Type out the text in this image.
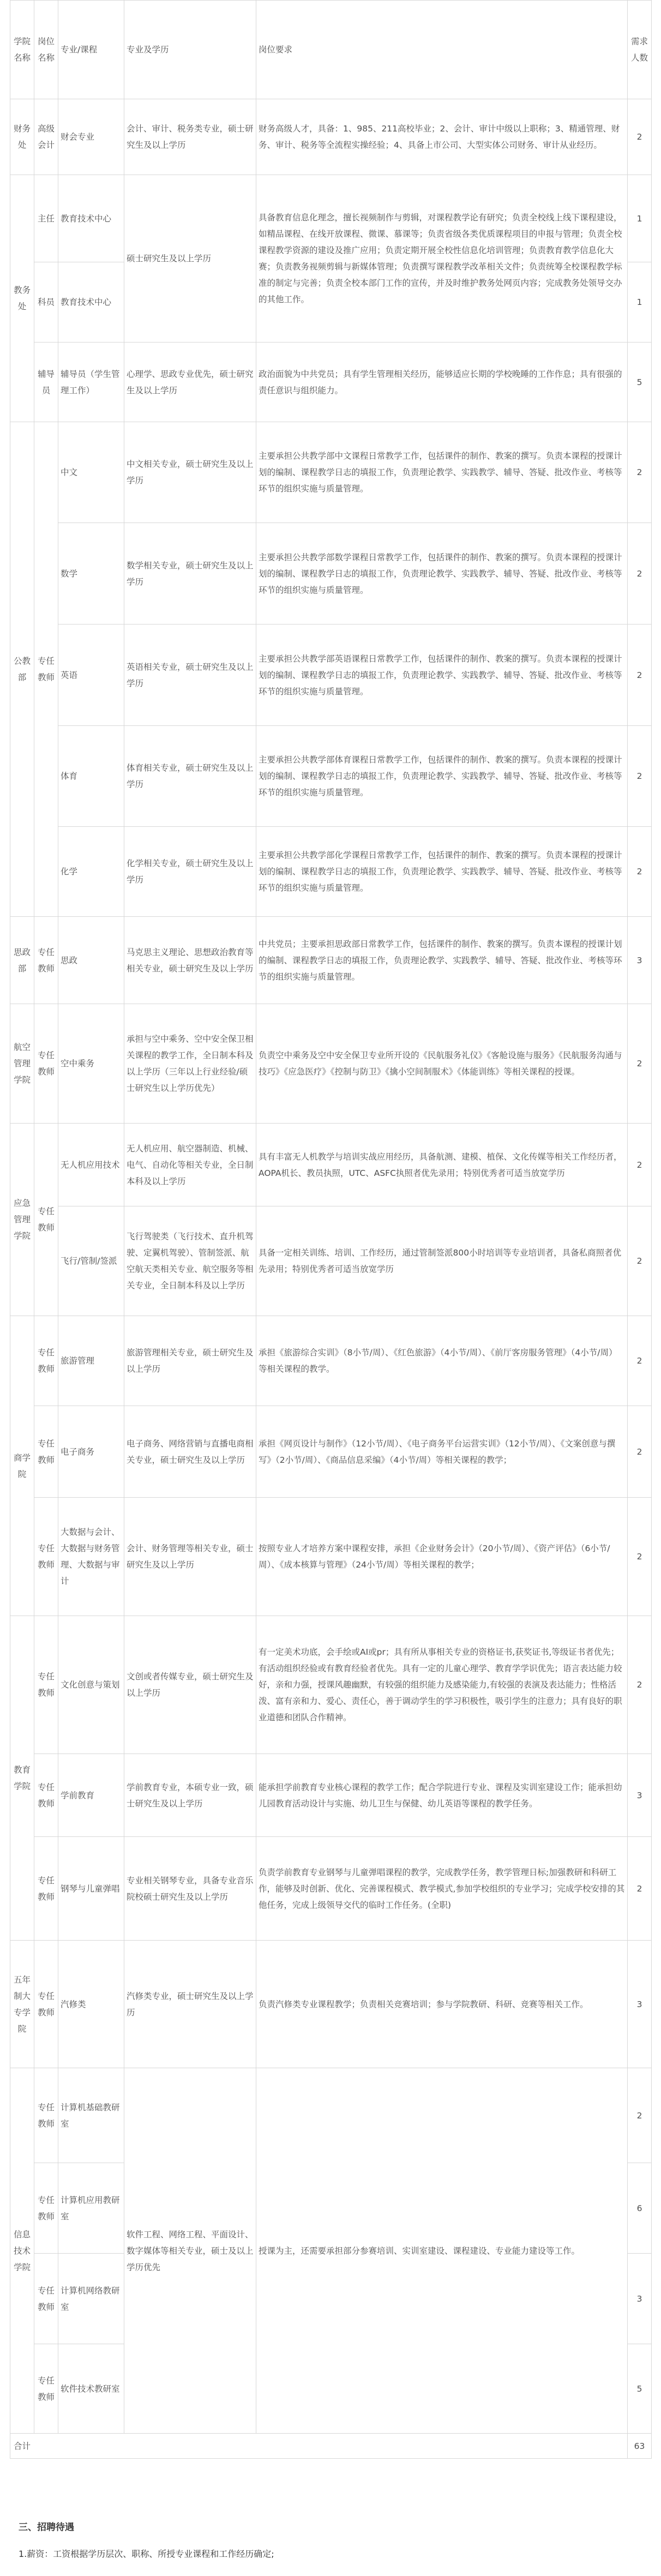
学院名称	岗位名称	专业/课程	专业及学历	岗位要求	需求人数
财务处	高级会计	财会专业	会计、审计、税务类专业，硕士研究生及以上学历	财务高级人才，具备：1、985、211高校毕业；2、会计、审计中级以上职称；3、精通管理、财务、审计、税务等全流程实操经验；4、具备上市公司、大型实体公司财务、审计从业经历。	2
教务处	主任	教育技术中心	硕士研究生及以上学历	具备教育信息化理念，擅长视频制作与剪辑，对课程教学论有研究；负责全校线上线下课程建设，如精品课程、在线开放课程、微课、慕课等；负责省级各类优质课程项目的申报与管理；负责全校课程教学资源的建设及推广应用；负责定期开展全校性信息化培训管理；负责教育教学信息化大赛；负责教务视频剪辑与新媒体管理；负责撰写课程教学改革相关文件；负责统筹全校课程教学标准的制定与完善；负责全校本部门工作的宣传，并及时维护教务处网页内容；完成教务处领导交办的其他工作。	1
	科员	教育技术中心			1
	辅导员	辅导员（学生管理工作）	心理学、思政专业优先，硕士研究生及以上学历	政治面貌为中共党员；具有学生管理相关经历，能够适应长期的学校晚睡的工作作息；具有很强的责任意识与组织能力。	5
公教部	专任教师	中文	中文相关专业，硕士研究生及以上学历	主要承担公共教学部中文课程日常教学工作，包括课件的制作、教案的撰写。负责本课程的授课计划的编制、课程教学日志的填报工作，负责理论教学、实践教学、辅导、答疑、批改作业、考核等环节的组织实施与质量管理。	2
		数学	数学相关专业，硕士研究生及以上学历	主要承担公共教学部数学课程日常教学工作，包括课件的制作、教案的撰写。负责本课程的授课计划的编制、课程教学日志的填报工作，负责理论教学、实践教学、辅导、答疑、批改作业、考核等环节的组织实施与质量管理。	2
		英语	英语相关专业，硕士研究生及以上学历	主要承担公共教学部英语课程日常教学工作，包括课件的制作、教案的撰写。负责本课程的授课计划的编制、课程教学日志的填报工作，负责理论教学、实践教学、辅导、答疑、批改作业、考核等环节的组织实施与质量管理。	2
		体育	体育相关专业，硕士研究生及以上学历	主要承担公共教学部体育课程日常教学工作，包括课件的制作、教案的撰写。负责本课程的授课计划的编制、课程教学日志的填报工作，负责理论教学、实践教学、辅导、答疑、批改作业、考核等环节的组织实施与质量管理。	2
		化学	化学相关专业，硕士研究生及以上学历	主要承担公共教学部化学课程日常教学工作，包括课件的制作、教案的撰写。负责本课程的授课计划的编制、课程教学日志的填报工作，负责理论教学、实践教学、辅导、答疑、批改作业、考核等环节的组织实施与质量管理。	2
思政部	专任教师	思政	马克思主义理论、思想政治教育等相关专业，硕士研究生及以上学历	中共党员；主要承担思政部日常教学工作，包括课件的制作、教案的撰写。负责本课程的授课计划的编制、课程教学日志的填报工作，负责理论教学、实践教学、辅导、答疑、批改作业、考核等环节的组织实施与质量管理。	3
航空管理学院	专任教师	空中乘务	承担与空中乘务、空中安全保卫相关课程的教学工作，全日制本科及以上学历（三年以上行业经验/硕士研究生以上学历优先）	负责空中乘务及空中安全保卫专业所开设的《民航服务礼仪》《客舱设施与服务》《民航服务沟通与技巧》《应急医疗》《控制与防卫》《擒小空间制服术》《体能训练》等相关课程的授课。	2
应急管理学院	专任教师	无人机应用技术	无人机应用、航空器制造、机械、电气、自动化等相关专业，全日制本科及以上学历	具有丰富无人机教学与培训实战应用经历，具备航测、建模、植保、文化传媒等相关工作经历者，AOPA机长、教员执照，UTC、ASFC执照者优先录用；特别优秀者可适当放宽学历	2
		飞行/管制/签派	飞行驾驶类（飞行技术、直升机驾驶、定翼机驾驶）、管制签派、航空航天类相关专业、航空服务等相关专业，全日制本科及以上学历	具备一定相关训练、培训、工作经历，通过管制签派800小时培训等专业培训者，具备私商照者优先录用；特别优秀者可适当放宽学历	2
商学院	专任教师	旅游管理	旅游管理相关专业，硕士研究生及以上学历	承担《旅游综合实训》（8小节/周）、《红色旅游》（4小节/周）、《前厅客房服务管理》（4小节/周）等相关课程的教学。	2
	专任教师	电子商务	电子商务、网络营销与直播电商相关专业，硕士研究生及以上学历	承担《网页设计与制作》（12小节/周）、《电子商务平台运营实训》（12小节/周）、《文案创意与撰写》（2小节/周）、《商品信息采编》（4小节/周）等相关课程的教学；	2
	专任教师	大数据与会计、大数据与财务管理、大数据与审计	会计、财务管理等相关专业，硕士研究生及以上学历	按照专业人才培养方案中课程安排，承担《企业财务会计》（20小节/周）、《资产评估》（6小节/周）、《成本核算与管理》（24小节/周）等相关课程的教学；	2
教育学院	专任教师	文化创意与策划	文创或者传媒专业，硕士研究生及以上学历	有一定美术功底，会手绘或AI或pr；具有所从事相关专业的资格证书,获奖证书,等级证书者优先；有活动组织经验或有教育经验者优先。具有一定的儿童心理学、教育学学识优先；语言表达能力较好，亲和力强，授课风趣幽默，有较强的组织能力及感染能力,有较强的表演及表达能力；性格活泼、富有亲和力、爱心、责任心，善于调动学生的学习积极性，吸引学生的注意力；具有良好的职业道德和团队合作精神。	2
	专任教师	学前教育	学前教育专业，本硕专业一致，硕士研究生及以上学历	能承担学前教育专业核心课程的教学工作；配合学院进行专业、课程及实训室建设工作；能承担幼儿园教育活动设计与实施、幼儿卫生与保健、幼儿英语等课程的教学任务。	3
	专任教师	钢琴与儿童弹唱	专业相关钢琴专业，具备专业音乐院校硕士研究生及以上学历	负责学前教育专业钢琴与儿童弹唱课程的教学，完成教学任务，教学管理日标;加强教研和科研工作，能够及时创新、优化、完善课程模式、教学模式,参加学校组织的专业学习；完成学校安排的其他任务，完成上级领导交代的临时工作任务。(全职)	2
五年制大专学院	专任教师	汽修类	汽修类专业，硕士研究生及以上学历	负责汽修类专业课程教学；负责相关竞赛培训；参与学院教研、科研、竞赛等相关工作。	3
信息技术学院	专任教师	计算机基础教研室	软件工程、网络工程、平面设计、数字媒体等相关专业，硕士及以上学历优先	授课为主，还需要承担部分参赛培训、实训室建设、课程建设、专业能力建设等工作。	2
	专任教师	计算机应用教研室			6
	专任教师	计算机网络教研室			3
	专任教师	软件技术教研室			5
合计					63
三、招聘待遇
1.薪资：工资根据学历层次、职称、所授专业课程和工作经历确定;
